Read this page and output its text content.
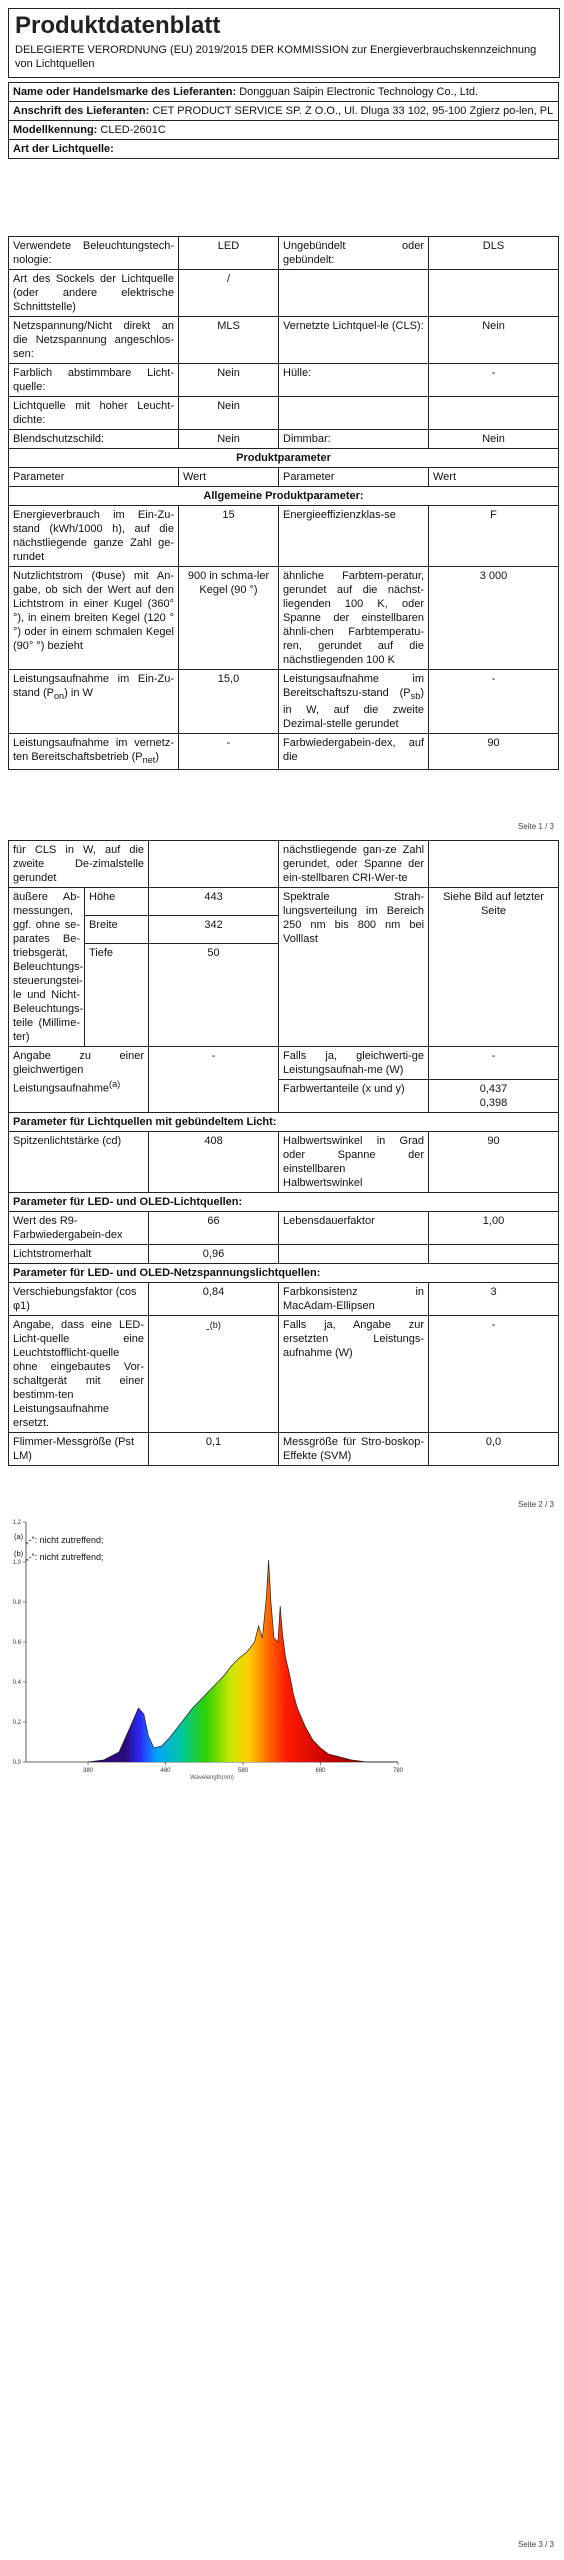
Produktdatenblatt
DELEGIERTE VERORDNUNG (EU) 2019/2015 DER KOMMISSION zur Energieverbrauchskennzeichnung von Lichtquellen
Name oder Handelsmarke des Lieferanten: Dongguan Saipin Electronic Technology Co., Ltd.
Anschrift des Lieferanten: CET PRODUCT SERVICE SP. Z O.O., Ul. Dluga 33 102, 95-100 Zgierz po-len, PL
Modellkennung: CLED-2601C
Art der Lichtquelle:
Verwendete Beleuchtungstech-nologie:	LED	Ungebündelt oder gebündelt:	DLS
Art des Sockels der Lichtquelle (oder andere elektrische Schnittstelle)	/		
Netzspannung/Nicht direkt an die Netzspannung angeschlos-sen:	MLS	Vernetzte Lichtquel-le (CLS):	Nein
Farblich abstimmbare Licht-quelle:	Nein	Hülle:	-
Lichtquelle mit hoher Leucht-dichte:	Nein		
Blendschutzschild:	Nein	Dimmbar:	Nein
Produktparameter			
Parameter	Wert	Parameter	Wert
Allgemeine Produktparameter:			
Energieverbrauch im Ein-Zu-stand (kWh/1000 h), auf die nächstliegende ganze Zahl ge-rundet	15	Energieeffizienzklas-se	F
Nutzlichtstrom (Φuse) mit An-gabe, ob sich der Wert auf den Lichtstrom in einer Kugel (360° °), in einem breiten Kegel (120 °°) oder in einem schmalen Kegel (90° °) bezieht	900 in schma-ler Kegel (90 °)	ähnliche Farbtem-peratur, gerundet auf die nächst-liegenden 100 K, oder Spanne der einstellbaren ähnli-chen Farbtemperatu-ren, gerundet auf die nächstliegenden 100 K	3 000
Leistungsaufnahme im Ein-Zu-stand $(P_{on})$ in W	15,0	Leistungsaufnahme im Bereitschaftszu-stand $(P_{sb})$ in W, auf die zweite Dezimal-stelle gerundet	-
Leistungsaufnahme im vernetz-ten Bereitschaftsbetrieb $(P_{net})$	-	Farbwiedergabein-dex, auf die	90
Seite 1 / 3
für CLS in W, auf die zweite De-zimalstelle gerundet			nächstliegende gan-ze Zahl gerundet, oder Spanne der ein-stellbaren CRI-Wer-te	
äußere Ab-messungen, ggf. ohne se-parates Be-triebsgerät, Beleuchtungs-steuerungstei-le und Nicht-Beleuchtungs-teile (Millime-ter)	Höhe	443	Spektrale Strah-lungsverteilung im Bereich 250 nm bis 800 nm bei Volllast	Siehe Bild auf letzter Seite
	Breite	342		
	Tiefe	50		
Angabe zu einer gleichwertigen Leistungsaufnahme$^{(a)}$		-	Falls ja, gleichwerti-ge Leistungsaufnah-me (W)	-
			Farbwertanteile (x und y)	0,437
0,398

Parameter für Lichtquellen mit gebündeltem Licht:				
Spitzenlichtstärke (cd)		408	Halbwertswinkel in Grad oder Spanne der einstellbaren Halbwertswinkel	90
Parameter für LED- und OLED-Lichtquellen:				
Wert des R9-Farbwiedergabein-dex		66	Lebensdauerfaktor	1,00
Lichtstromerhalt		0,96		
Parameter für LED- und OLED-Netzspannungslichtquellen:				
Verschiebungsfaktor (cos φ1)		0,84	Farbkonsistenz in MacAdam-Ellipsen	3
Angabe, dass eine LED-Licht-quelle eine Leuchtstofflicht-quelle ohne eingebautes Vor-schaltgerät mit einer bestimm-ten Leistungsaufnahme ersetzt.		-$^{(b)}$	Falls ja, Angabe zur ersetzten Leistungs-aufnahme (W)	-
Flimmer-Messgröße (Pst LM)		0,1	Messgröße für Stro-boskop-Effekte (SVM)	0,0
$^{(a)}$ „-“: nicht zutreffend;
$^{(b)}$ „-“: nicht zutreffend;
Seite 2 / 3
0.0
0.2
0.4
0.6
0.8
1.0
1.2
380	480	580	680	780
Wavelength(nm)
Seite 3 / 3
